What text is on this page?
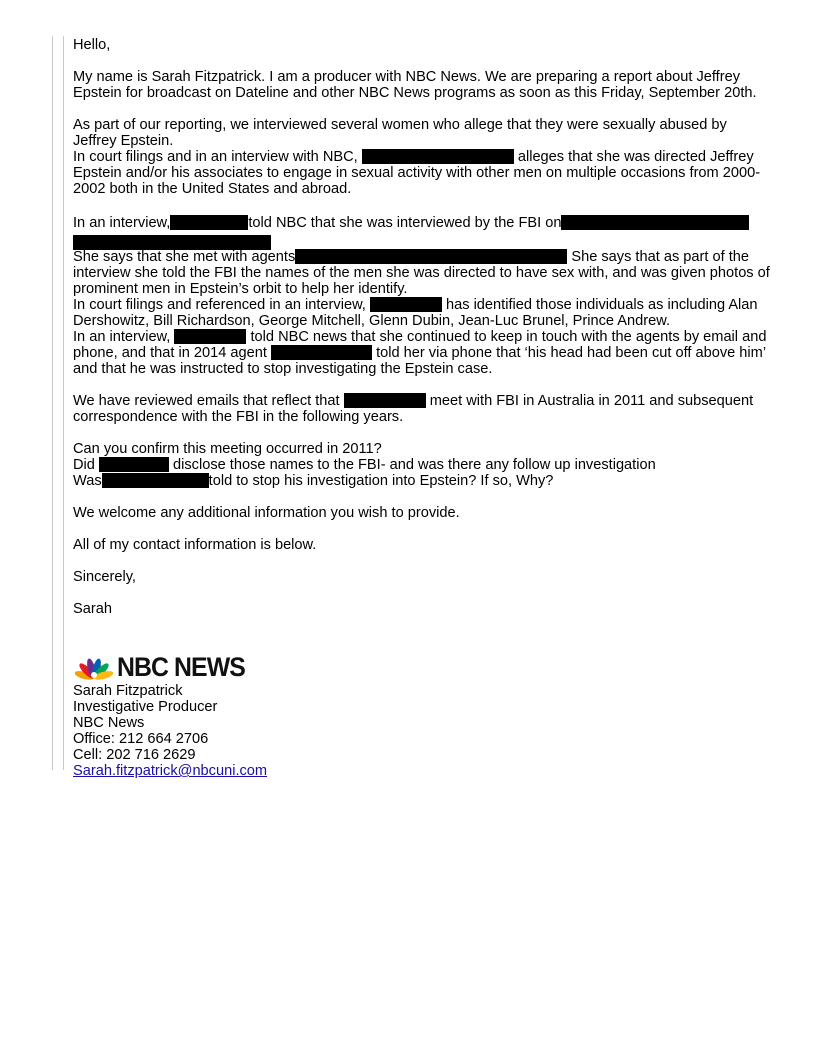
Hello,

My name is Sarah Fitzpatrick. I am a producer with NBC News. We are preparing a report about Jeffrey Epstein for broadcast on Dateline and other NBC News programs as soon as this Friday, September 20th.

As part of our reporting, we interviewed several women who allege that they were sexually abused by Jeffrey Epstein.

In court filings and in an interview with NBC,	alleges that she was directed Jeffrey Epstein and/or his associates to engage in sexual activity with other men on multiple occasions from 2000-2002 both in the United States and abroad.

In an interview,	told NBC that she was interviewed by the FBI on

She says that she met with agents	She says that as part of the interview she told the FBI the names of the men she was directed to have sex with, and was given photos of prominent men in Epstein’s orbit to help her identify.

In court filings and referenced in an interview,	has identified those individuals as including Alan Dershowitz, Bill Richardson, George Mitchell, Glenn Dubin, Jean-Luc Brunel, Prince Andrew.

In an interview,	told NBC news that she continued to keep in touch with the agents by email and phone, and that in 2014 agent	told her via phone that ‘his head had been cut off above him’ and that he was instructed to stop investigating the Epstein case.

We have reviewed emails that reflect that	meet with FBI in Australia in 2011 and subsequent correspondence with the FBI in the following years.

Can you confirm this meeting occurred in 2011?

Did	disclose those names to the FBI- and was there any follow up investigation

Was	told to stop his investigation into Epstein? If so, Why?

We welcome any additional information you wish to provide.

All of my contact information is below.

Sincerely,

Sarah

NBC NEWS
Sarah Fitzpatrick
Investigative Producer
NBC News
Office: 212 664 2706
Cell: 202 716 2629
Sarah.fitzpatrick@nbcuni.com
